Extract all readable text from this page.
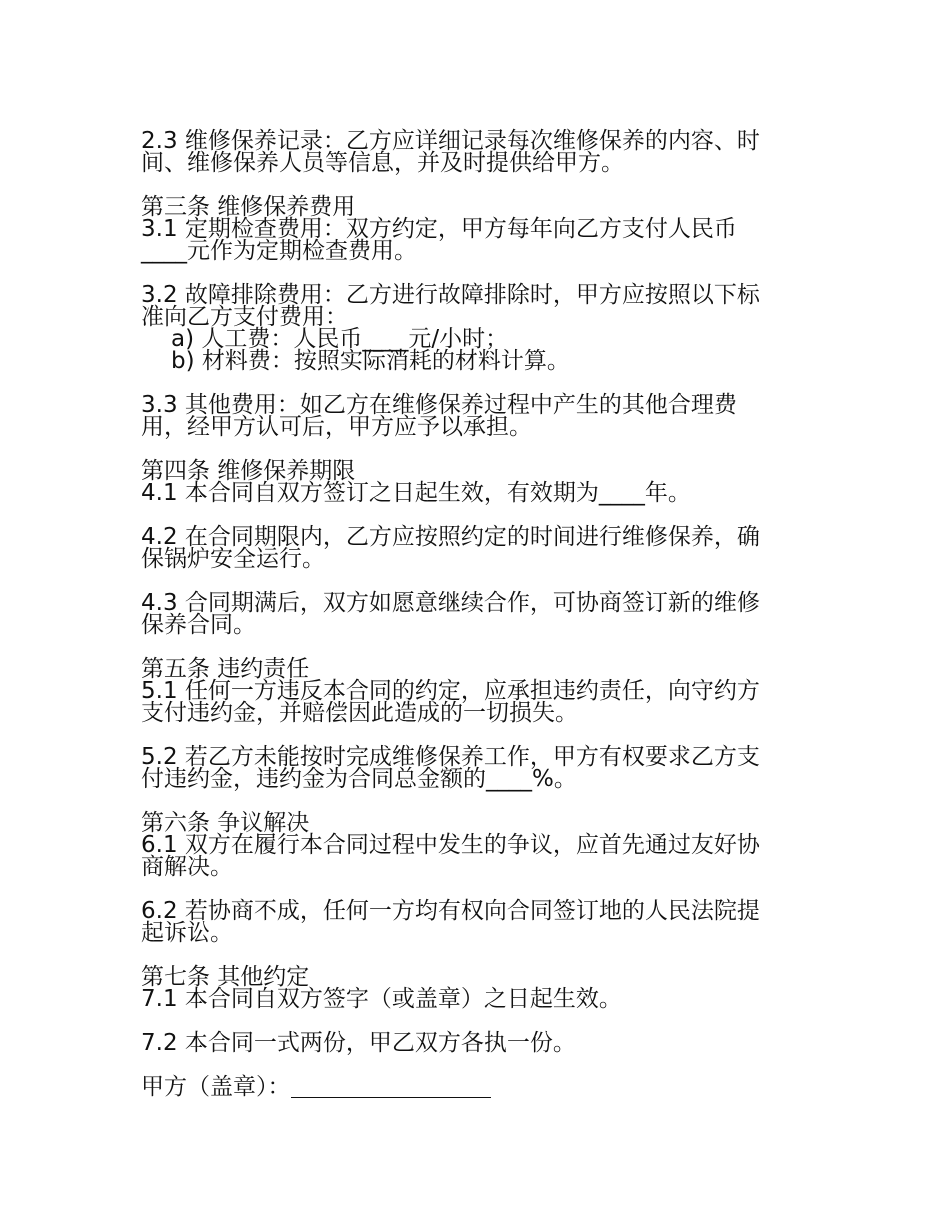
2.3 维修保养记录：乙方应详细记录每次维修保养的内容、时
间、维修保养人员等信息，并及时提供给甲方。

第三条 维修保养费用

3.1 定期检查费用：双方约定，甲方每年向乙方支付人民币
____元作为定期检查费用。

3.2 故障排除费用：乙方进行故障排除时，甲方应按照以下标
准向乙方支付费用：

a) 人工费：人民币____元/小时；

b) 材料费：按照实际消耗的材料计算。

3.3 其他费用：如乙方在维修保养过程中产生的其他合理费
用，经甲方认可后，甲方应予以承担。

第四条 维修保养期限

4.1 本合同自双方签订之日起生效，有效期为____年。

4.2 在合同期限内，乙方应按照约定的时间进行维修保养，确
保锅炉安全运行。

4.3 合同期满后，双方如愿意继续合作，可协商签订新的维修
保养合同。

第五条 违约责任

5.1 任何一方违反本合同的约定，应承担违约责任，向守约方
支付违约金，并赔偿因此造成的一切损失。

5.2 若乙方未能按时完成维修保养工作，甲方有权要求乙方支
付违约金，违约金为合同总金额的____%。

第六条 争议解决

6.1 双方在履行本合同过程中发生的争议，应首先通过友好协
商解决。

6.2 若协商不成，任何一方均有权向合同签订地的人民法院提
起诉讼。

第七条 其他约定

7.1 本合同自双方签字（或盖章）之日起生效。

7.2 本合同一式两份，甲乙双方各执一份。

甲方（盖章）：
